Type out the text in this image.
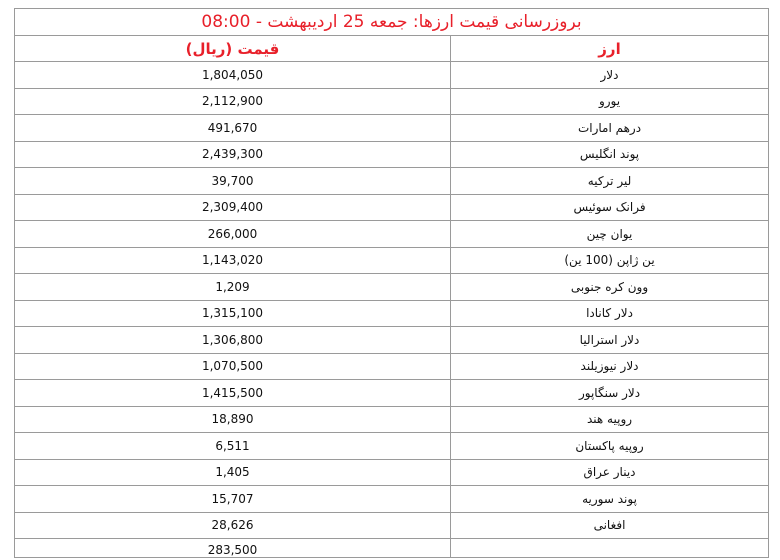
بروزرسانی قیمت ارزها: جمعه 25 اردیبهشت - 08:00	
ارز	قیمت (ریال)
دلار	1,804,050
یورو	2,112,900
درهم امارات	491,670
پوند انگلیس	2,439,300
لیر ترکیه	39,700
فرانک سوئیس	2,309,400
یوان چین	266,000
ین ژاپن (100 ین)	1,143,020
وون کره جنوبی	1,209
دلار کانادا	1,315,100
دلار استرالیا	1,306,800
دلار نیوزیلند	1,070,500
دلار سنگاپور	1,415,500
روپیه هند	18,890
روپیه پاکستان	6,511
دینار عراق	1,405
پوند سوریه	15,707
افغانی	28,626
	283,500
